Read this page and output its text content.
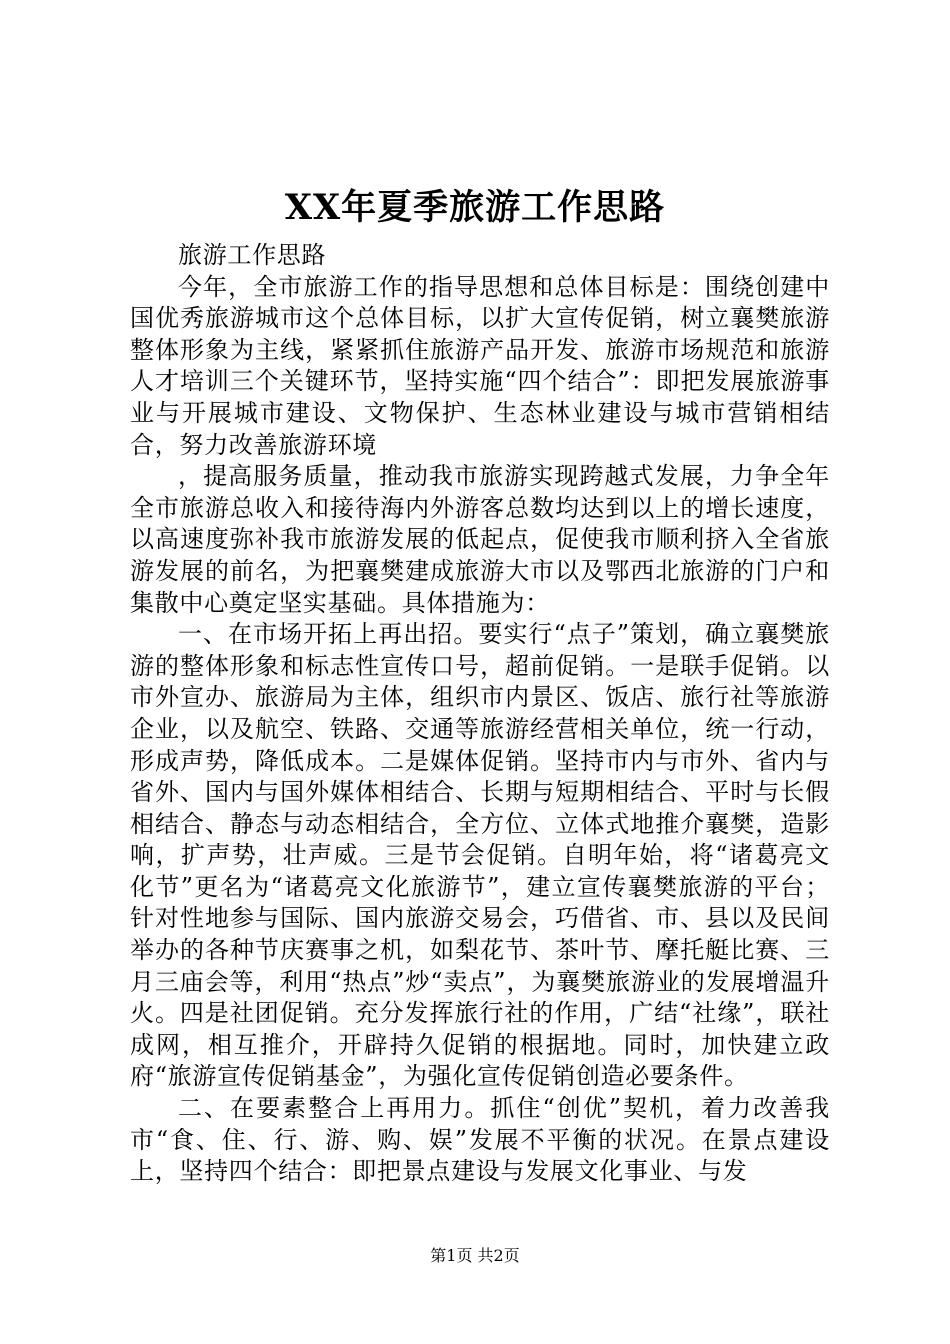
XX年夏季旅游工作思路

旅游工作思路

今年，全市旅游工作的指导思想和总体目标是：围绕创建中国优秀旅游城市这个总体目标，以扩大宣传促销，树立襄樊旅游整体形象为主线，紧紧抓住旅游产品开发、旅游市场规范和旅游人才培训三个关键环节，坚持实施“四个结合”：即把发展旅游事业与开展城市建设、文物保护、生态林业建设与城市营销相结合，努力改善旅游环境

，提高服务质量，推动我市旅游实现跨越式发展，力争全年全市旅游总收入和接待海内外游客总数均达到以上的增长速度，以高速度弥补我市旅游发展的低起点，促使我市顺利挤入全省旅游发展的前名，为把襄樊建成旅游大市以及鄂西北旅游的门户和集散中心奠定坚实基础。具体措施为：

一、在市场开拓上再出招。要实行“点子”策划，确立襄樊旅游的整体形象和标志性宣传口号，超前促销。一是联手促销。以市外宣办、旅游局为主体，组织市内景区、饭店、旅行社等旅游企业，以及航空、铁路、交通等旅游经营相关单位，统一行动，形成声势，降低成本。二是媒体促销。坚持市内与市外、省内与省外、国内与国外媒体相结合、长期与短期相结合、平时与长假相结合、静态与动态相结合，全方位、立体式地推介襄樊，造影响，扩声势，壮声威。三是节会促销。自明年始，将“诸葛亮文化节”更名为“诸葛亮文化旅游节”，建立宣传襄樊旅游的平台；针对性地参与国际、国内旅游交易会，巧借省、市、县以及民间举办的各种节庆赛事之机，如梨花节、茶叶节、摩托艇比赛、三月三庙会等，利用“热点”炒“卖点”，为襄樊旅游业的发展增温升火。四是社团促销。充分发挥旅行社的作用，广结“社缘”，联社成网，相互推介，开辟持久促销的根据地。同时，加快建立政府“旅游宣传促销基金”，为强化宣传促销创造必要条件。

二、在要素整合上再用力。抓住“创优”契机，着力改善我市“食、住、行、游、购、娱”发展不平衡的状况。在景点建设上，坚持四个结合：即把景点建设与发展文化事业、与发

第1页 共2页
